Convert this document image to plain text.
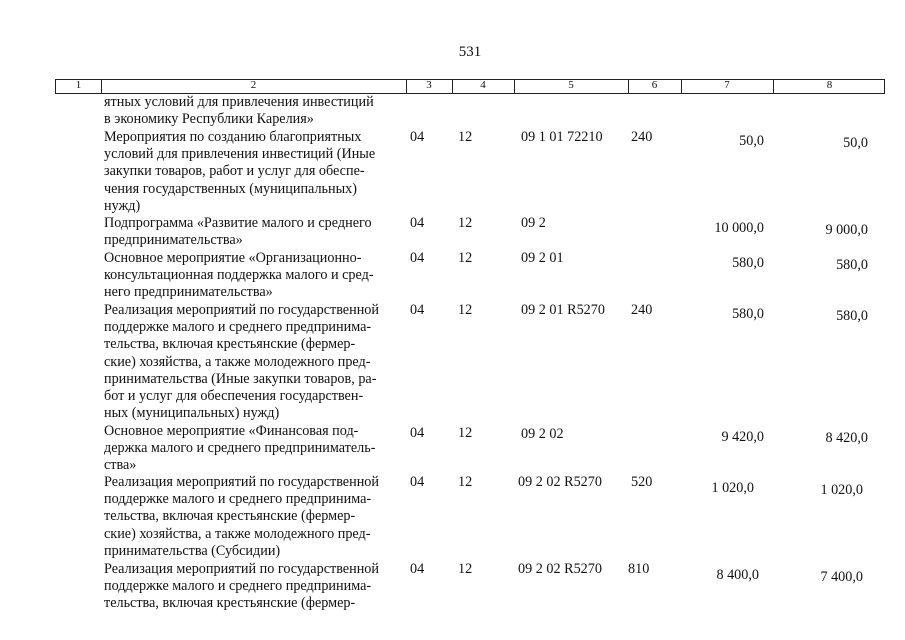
531
1	2	3	4	5	6	7	8
ятных условий для привлечения инвестиций
в экономику Республики Карелия»
Мероприятия по созданию благоприятных
условий для привлечения инвестиций (Иные
закупки товаров, работ и услуг для обеспе-
чения государственных (муниципальных)
нужд)
04 12	09 1 01 72210 240	50,0	50,0
Подпрограмма «Развитие малого и среднего
предпринимательства»
04 12	09 2	10 000,0	9 000,0
Основное мероприятие «Организационно-
консультационная поддержка малого и сред-
него предпринимательства»
04 12	09 2 01	580,0	580,0
Реализация мероприятий по государственной
поддержке малого и среднего предпринима-
тельства, включая крестьянские (фермер-
ские) хозяйства, а также молодежного пред-
принимательства (Иные закупки товаров, ра-
бот и услуг для обеспечения государствен-
ных (муниципальных) нужд)
04 12	09 2 01 R5270 240	580,0	580,0
Основное мероприятие «Финансовая под-
держка малого и среднего предприниматель-
ства»
04 12	09 2 02	9 420,0	8 420,0
Реализация мероприятий по государственной
поддержке малого и среднего предпринима-
тельства, включая крестьянские (фермер-
ские) хозяйства, а также молодежного пред-
принимательства (Субсидии)
04 12	09 2 02 R5270 520	1 020,0	1 020,0
Реализация мероприятий по государственной
поддержке малого и среднего предпринима-
тельства, включая крестьянские (фермер-
04 12	09 2 02 R5270 810	8 400,0	7 400,0
